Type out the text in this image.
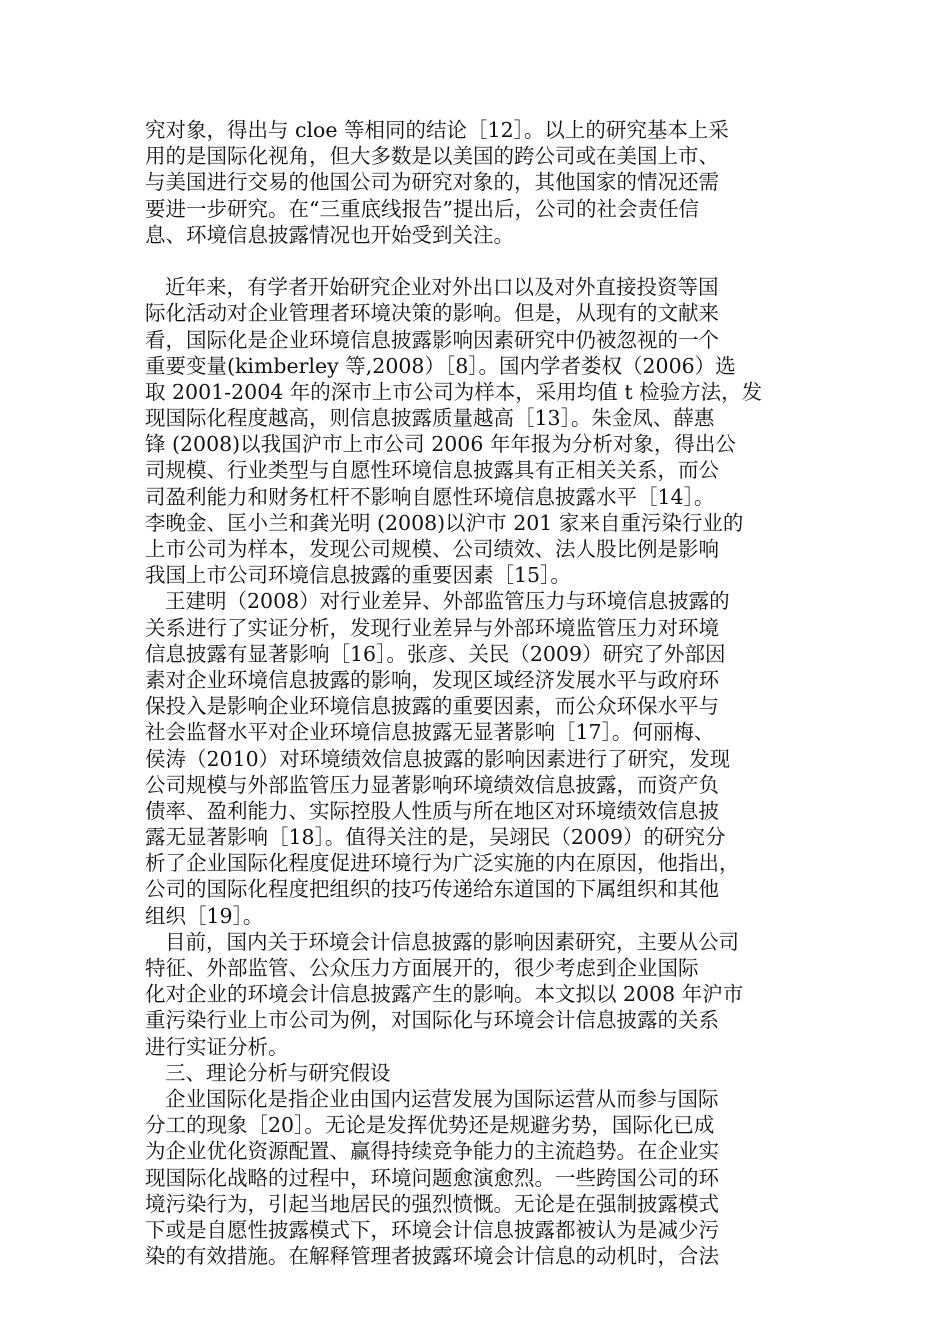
究对象，得出与 cloe 等相同的结论［12］。以上的研究基本上采
用的是国际化视角，但大多数是以美国的跨公司或在美国上市、
与美国进行交易的他国公司为研究对象的，其他国家的情况还需
要进一步研究。在“三重底线报告”提出后，公司的社会责任信
息、环境信息披露情况也开始受到关注。
近年来，有学者开始研究企业对外出口以及对外直接投资等国
际化活动对企业管理者环境决策的影响。但是，从现有的文献来
看，国际化是企业环境信息披露影响因素研究中仍被忽视的一个
重要变量(kimberley 等,2008）［8］。国内学者娄权（2006）选
取 2001-2004 年的深市上市公司为样本，采用均值 t 检验方法，发
现国际化程度越高，则信息披露质量越高［13］。朱金凤、薛惠
锋 (2008)以我国沪市上市公司 2006 年年报为分析对象，得出公
司规模、行业类型与自愿性环境信息披露具有正相关关系，而公
司盈利能力和财务杠杆不影响自愿性环境信息披露水平［14］。
李晚金、匡小兰和龚光明 (2008)以沪市 201 家来自重污染行业的
上市公司为样本，发现公司规模、公司绩效、法人股比例是影响
我国上市公司环境信息披露的重要因素［15］。
王建明（2008）对行业差异、外部监管压力与环境信息披露的
关系进行了实证分析，发现行业差异与外部环境监管压力对环境
信息披露有显著影响［16］。张彦、关民（2009）研究了外部因
素对企业环境信息披露的影响，发现区域经济发展水平与政府环
保投入是影响企业环境信息披露的重要因素，而公众环保水平与
社会监督水平对企业环境信息披露无显著影响［17］。何丽梅、
侯涛（2010）对环境绩效信息披露的影响因素进行了研究，发现
公司规模与外部监管压力显著影响环境绩效信息披露，而资产负
债率、盈利能力、实际控股人性质与所在地区对环境绩效信息披
露无显著影响［18］。值得关注的是，吴翊民（2009）的研究分
析了企业国际化程度促进环境行为广泛实施的内在原因，他指出，
公司的国际化程度把组织的技巧传递给东道国的下属组织和其他
组织［19］。
目前，国内关于环境会计信息披露的影响因素研究，主要从公司
特征、外部监管、公众压力方面展开的，很少考虑到企业国际
化对企业的环境会计信息披露产生的影响。本文拟以 2008 年沪市
重污染行业上市公司为例，对国际化与环境会计信息披露的关系
进行实证分析。
三、理论分析与研究假设
企业国际化是指企业由国内运营发展为国际运营从而参与国际
分工的现象［20］。无论是发挥优势还是规避劣势，国际化已成
为企业优化资源配置、赢得持续竞争能力的主流趋势。在企业实
现国际化战略的过程中，环境问题愈演愈烈。一些跨国公司的环
境污染行为，引起当地居民的强烈愤慨。无论是在强制披露模式
下或是自愿性披露模式下，环境会计信息披露都被认为是减少污
染的有效措施。在解释管理者披露环境会计信息的动机时，合法
